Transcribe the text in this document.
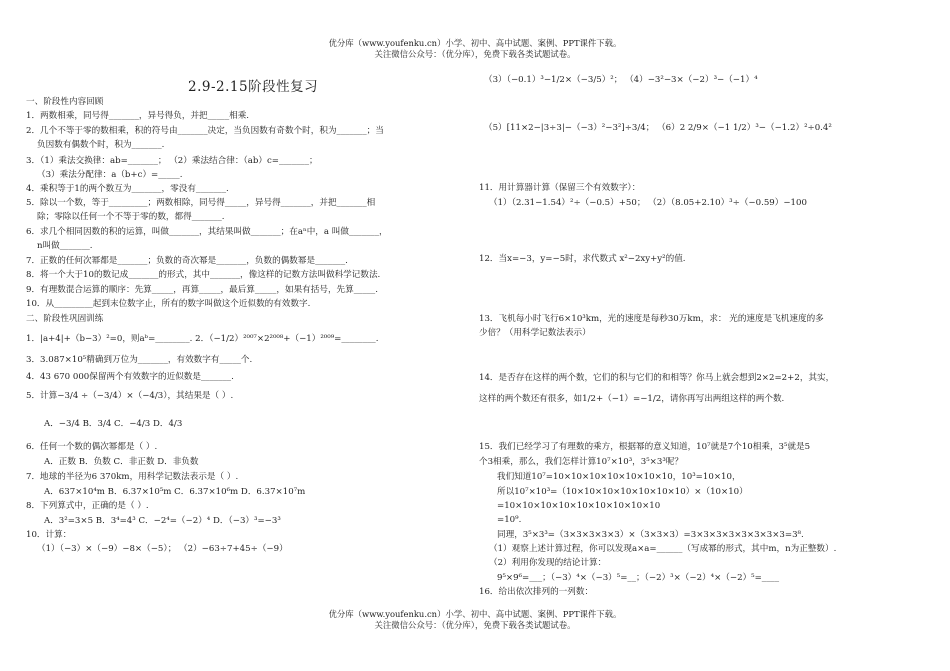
优分库（www.youfenku.cn）小学、初中、高中试题、案例、PPT课件下载。
关注微信公众号：（优分库），免费下载各类试题试卷。
2.9-2.15阶段性复习
一、阶段性内容回顾
1．两数相乘，同号得_______，异号得负，并把_____相乘.
2．几个不等于零的数相乘，积的符号由_______决定，当负因数有奇数个时，积为_______；当
负因数有偶数个时，积为_______.
3．（1）乘法交换律：ab=_______； （2）乘法结合律：（ab）c=_______；
（3）乘法分配律：a（b+c）=_____.
4．乘积等于1的两个数互为_______，零没有_______.
5．除以一个数，等于_________；两数相除，同号得_____，异号得_______，并把_______相
除；零除以任何一个不等于零的数，都得_______.
6．求几个相同因数的积的运算，叫做_______，其结果叫做_______；在aⁿ中，a 叫做_______，
n叫做_______.
7．正数的任何次幂都是_______；负数的奇次幂是_______，负数的偶数幂是_______.
8．将一个大于10的数记成_______的形式，其中_______，像这样的记数方法叫做科学记数法.
9．有理数混合运算的顺序：先算_____，再算_____，最后算_____，如果有括号，先算_____.
10．从_________起到末位数字止，所有的数字叫做这个近似数的有效数字.
二、阶段性巩固训练
1．|a+4|+（b−3）²=0，则aᵇ=________. 2．（−1/2）²⁰⁰⁷×2²⁰⁰⁸+（−1）²⁰⁰⁹=________.
3．3.087×10⁵精确到万位为_______，有效数字有_____个.
4．43 670 000保留两个有效数字的近似数是_______.
5．计算−3/4 ÷（−3/4）×（−4/3），其结果是（ ）.
A．−3/4 B．3/4 C．−4/3 D．4/3
6．任何一个数的偶次幂都是（ ）.
A．正数 B．负数 C．非正数 D．非负数
7．地球的半径为6 370km，用科学记数法表示是（ ）.
A．637×10⁴m B．6.37×10⁵m C．6.37×10⁶m D．6.37×10⁷m
8．下列算式中，正确的是（ ）.
A．3²=3×5 B．3⁴=4³ C．−2⁴=（−2）⁴ D．（−3）³=−3³
10．计算：
（1）（−3）×（−9）−8×（−5）； （2）−63÷7+45÷（−9）
（3）（−0.1）³−1/2×（−3/5）²； （4）−3²−3×（−2）³−（−1）⁴
（5）[11×2−|3÷3|−（−3）²−3²]÷3/4； （6）2 2/9×（−1 1/2）³−（−1.2）²÷0.4²
11．用计算器计算（保留三个有效数字）：
（1）（2.31−1.54）²÷（−0.5）+50； （2）（8.05+2.10）³÷（−0.59）−100
12．当x=−3，y=−5时，求代数式 x²−2xy+y²的值.
13．飞机每小时飞行6×10³km，光的速度是每秒30万km，求： 光的速度是飞机速度的多
少倍？（用科学记数法表示）
14．是否存在这样的两个数，它们的积与它们的和相等？你马上就会想到2×2=2+2，其实，
这样的两个数还有很多，如1/2+（−1）=−1/2，请你再写出两组这样的两个数.
15．我们已经学习了有理数的乘方，根据幂的意义知道，10⁷就是7个10相乘，3⁵就是5
个3相乘，那么，我们怎样计算10⁷×10³，3⁵×3³呢？
我们知道10⁷=10×10×10×10×10×10×10，10³=10×10，
所以10⁷×10³=（10×10×10×10×10×10×10）×（10×10）
=10×10×10×10×10×10×10×10×10
=10⁹.
同理，3⁵×3³=（3×3×3×3×3）×（3×3×3）=3×3×3×3×3×3×3×3=3⁸.
（1）观察上述计算过程，你可以发现a×a=______（写成幂的形式，其中m，n为正整数）.
（2）利用你发现的结论计算：
9⁵×9⁶=___；（−3）⁴×（−3）⁵=__；（−2）³×（−2）⁴×（−2）⁵=____
16．给出依次排列的一列数：
优分库（www.youfenku.cn）小学、初中、高中试题、案例、PPT课件下载。
关注微信公众号：（优分库），免费下载各类试题试卷。
